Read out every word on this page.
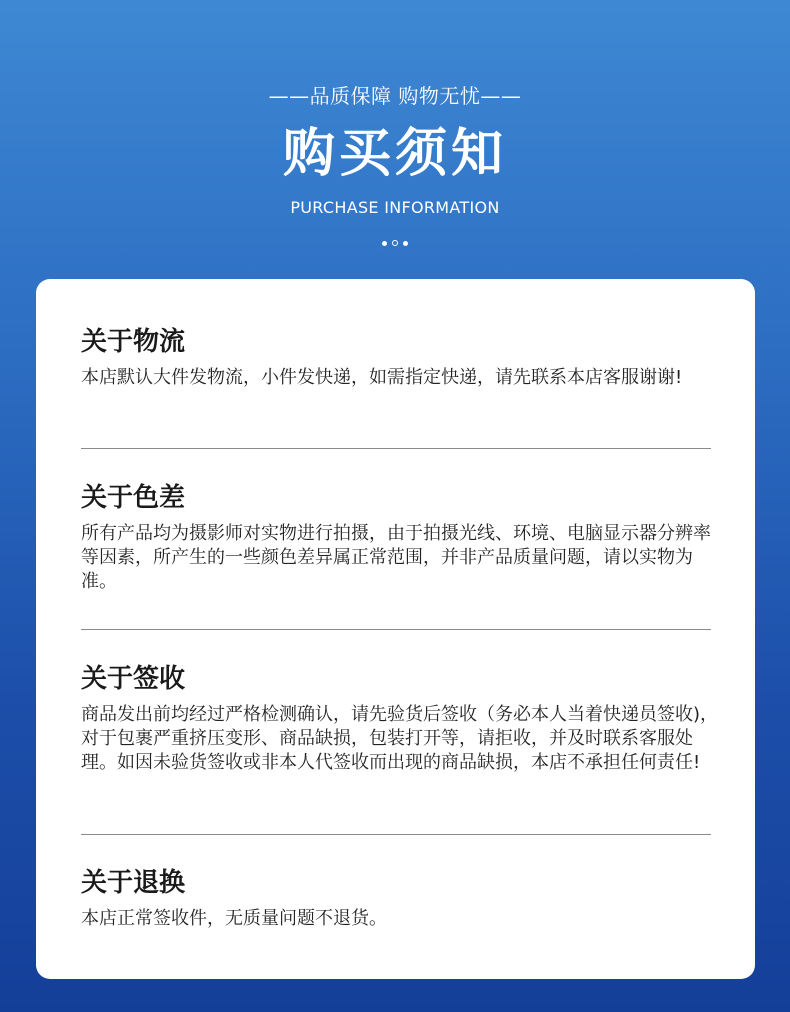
——品质保障 购物无忧——
购买须知
PURCHASE INFORMATION
关于物流
本店默认大件发物流，小件发快递，如需指定快递，请先联系本店客服谢谢!
关于色差
所有产品均为摄影师对实物进行拍摄，由于拍摄光线、环境、电脑显示器分辨率等因素，所产生的一些颜色差异属正常范围，并非产品质量问题，请以实物为准。
关于签收
商品发出前均经过严格检测确认，请先验货后签收（务必本人当着快递员签收)，对于包裹严重挤压变形、商品缺损，包装打开等，请拒收，并及时联系客服处理。如因未验货签收或非本人代签收而出现的商品缺损，本店不承担任何责任!
关于退换
本店正常签收件，无质量问题不退货。
